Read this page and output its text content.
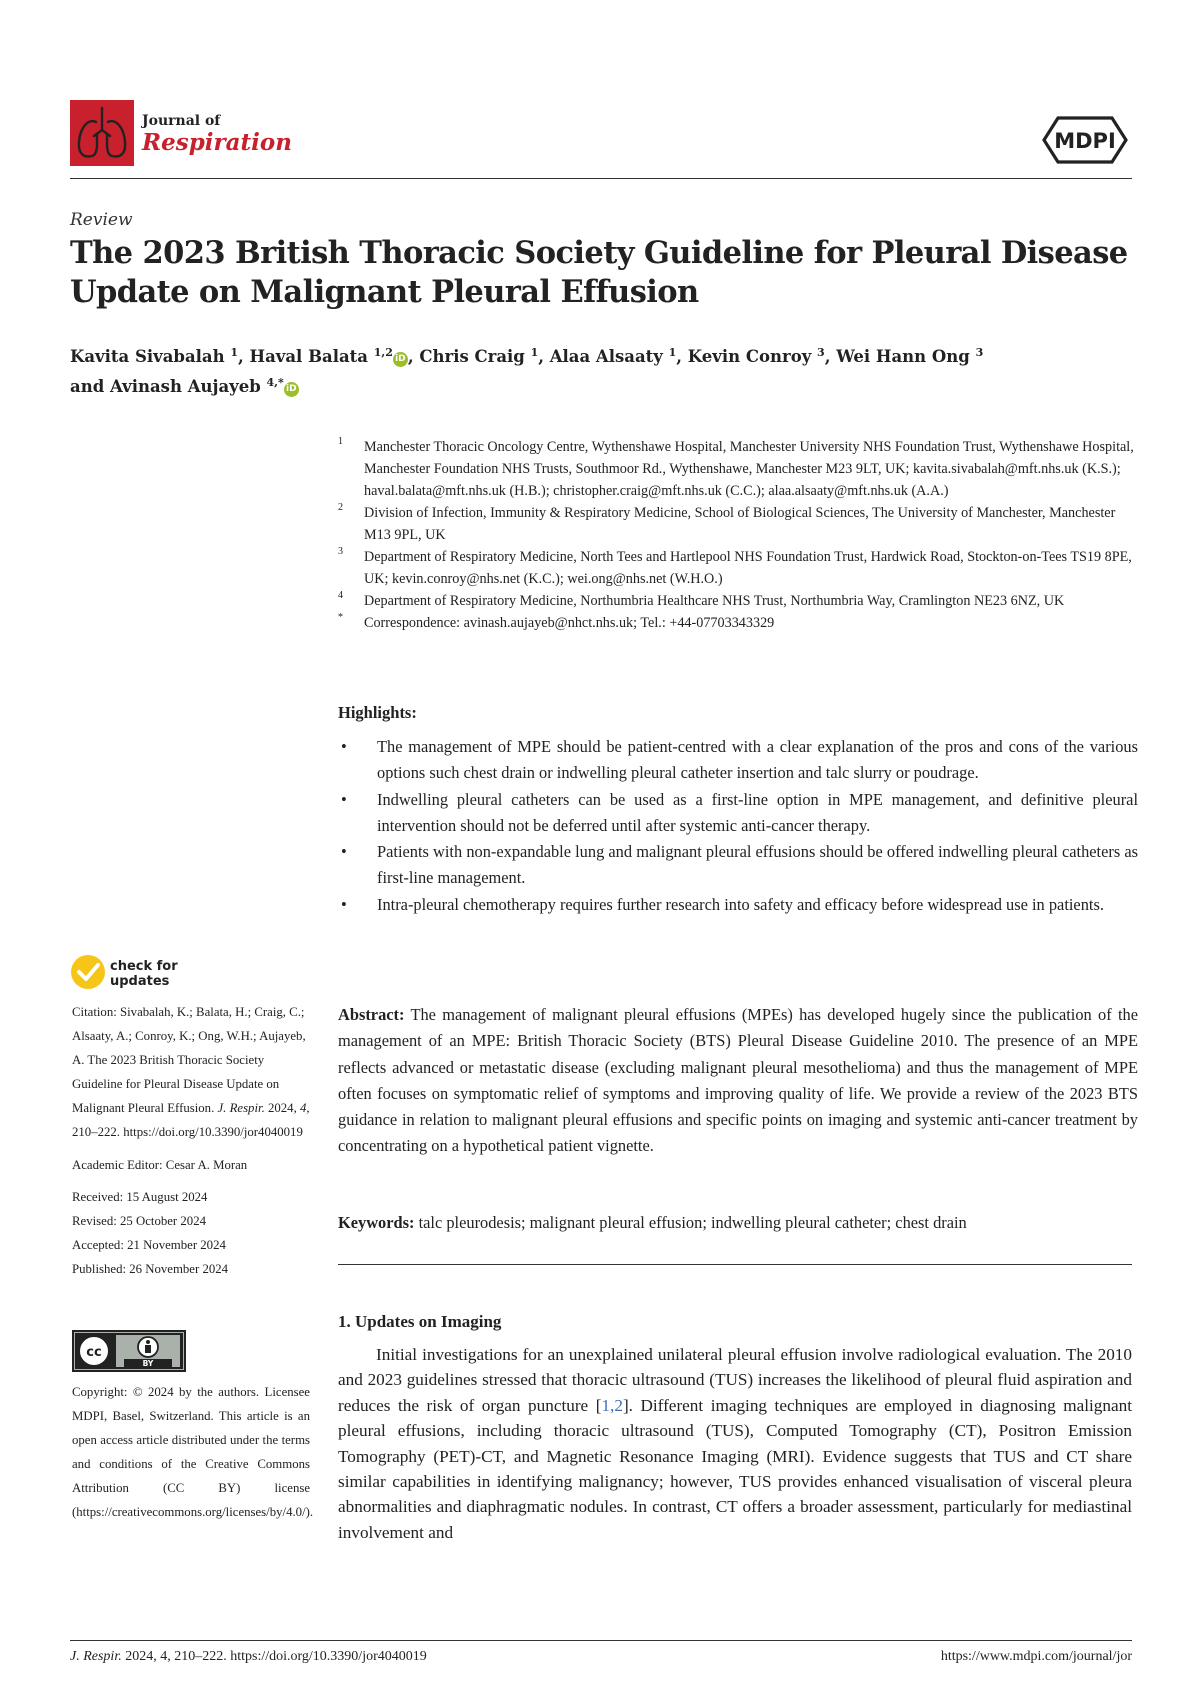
Journal of
Respiration	MDPI
Review
The 2023 British Thoracic Society Guideline for Pleural Disease Update on Malignant Pleural Effusion
Kavita Sivabalah $^1$, Haval Balata $^{1,2}$ iD , Chris Craig $^1$, Alaa Alsaaty $^1$, Kevin Conroy $^3$, Wei Hann Ong $^3$
and Avinash Aujayeb $^{4,*}$ iD
1 Manchester Thoracic Oncology Centre, Wythenshawe Hospital, Manchester University NHS Foundation Trust, Wythenshawe Hospital, Manchester Foundation NHS Trusts, Southmoor Rd., Wythenshawe, Manchester M23 9LT, UK; kavita.sivabalah@mft.nhs.uk (K.S.); haval.balata@mft.nhs.uk (H.B.); christopher.craig@mft.nhs.uk (C.C.); alaa.alsaaty@mft.nhs.uk (A.A.)
2 Division of Infection, Immunity & Respiratory Medicine, School of Biological Sciences, The University of Manchester, Manchester M13 9PL, UK
3 Department of Respiratory Medicine, North Tees and Hartlepool NHS Foundation Trust, Hardwick Road, Stockton-on-Tees TS19 8PE, UK; kevin.conroy@nhs.net (K.C.); wei.ong@nhs.net (W.H.O.)
4 Department of Respiratory Medicine, Northumbria Healthcare NHS Trust, Northumbria Way, Cramlington NE23 6NZ, UK
* Correspondence: avinash.aujayeb@nhct.nhs.uk; Tel.: +44-07703343329
Highlights:
• The management of MPE should be patient-centred with a clear explanation of the pros and cons of the various options such chest drain or indwelling pleural catheter insertion and talc slurry or poudrage.
• Indwelling pleural catheters can be used as a first-line option in MPE management, and definitive pleural intervention should not be deferred until after systemic anti-cancer therapy.
• Patients with non-expandable lung and malignant pleural effusions should be offered indwelling pleural catheters as first-line management.
• Intra-pleural chemotherapy requires further research into safety and efficacy before widespread use in patients.

Abstract: The management of malignant pleural effusions (MPEs) has developed hugely since the publication of the management of an MPE: British Thoracic Society (BTS) Pleural Disease Guideline 2010. The presence of an MPE reflects advanced or metastatic disease (excluding malignant pleural mesothelioma) and thus the management of MPE often focuses on symptomatic relief of symptoms and improving quality of life. We provide a review of the 2023 BTS guidance in relation to malignant pleural effusions and specific points on imaging and systemic anti-cancer treatment by concentrating on a hypothetical patient vignette.

Keywords: talc pleurodesis; malignant pleural effusion; indwelling pleural catheter; chest drain

1. Updates on Imaging

Initial investigations for an unexplained unilateral pleural effusion involve radiological evaluation. The 2010 and 2023 guidelines stressed that thoracic ultrasound (TUS) increases the likelihood of pleural fluid aspiration and reduces the risk of organ puncture [1,2]. Different imaging techniques are employed in diagnosing malignant pleural effusions, including thoracic ultrasound (TUS), Computed Tomography (CT), Positron Emission Tomography (PET)-CT, and Magnetic Resonance Imaging (MRI). Evidence suggests that TUS and CT share similar capabilities in identifying malignancy; however, TUS provides enhanced visualisation of visceral pleura abnormalities and diaphragmatic nodules. In contrast, CT offers a broader assessment, particularly for mediastinal involvement and

check for
updates
Citation: Sivabalah, K.; Balata, H.; Craig, C.; Alsaaty, A.; Conroy, K.; Ong, W.H.; Aujayeb, A. The 2023 British Thoracic Society Guideline for Pleural Disease Update on Malignant Pleural Effusion. J. Respir. 2024, 4, 210–222. https://doi.org/10.3390/jor4040019
Academic Editor: Cesar A. Moran
Received: 15 August 2024
Revised: 25 October 2024
Accepted: 21 November 2024
Published: 26 November 2024
cc
BY
Copyright: © 2024 by the authors. Licensee MDPI, Basel, Switzerland. This article is an open access article distributed under the terms and conditions of the Creative Commons Attribution (CC BY) license (https://creativecommons.org/licenses/by/4.0/).
J. Respir. 2024, 4, 210–222. https://doi.org/10.3390/jor4040019	https://www.mdpi.com/journal/jor
